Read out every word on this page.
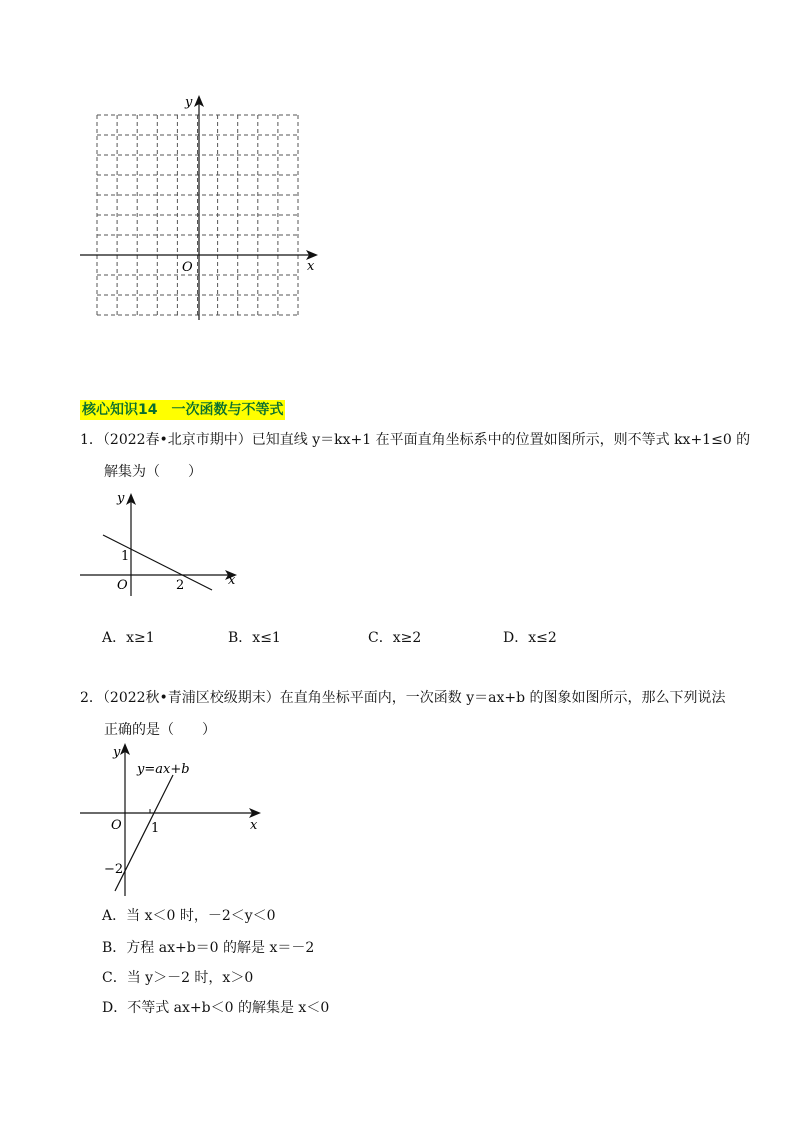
y
x
O
核心知识14　一次函数与不等式
1．（2022春•北京市期中）已知直线 y＝kx+1 在平面直角坐标系中的位置如图所示，则不等式 kx+1≤0 的
解集为（　　）
y
x
O
1
2
A．x≥1	B．x≤1	C．x≥2	D．x≤2
2．（2022秋•青浦区校级期末）在直角坐标平面内，一次函数 y＝ax+b 的图象如图所示，那么下列说法
正确的是（　　）
y
y=ax+b
x
O 1
−2
A．当 x＜0 时，－2＜y＜0
B．方程 ax+b＝0 的解是 x＝－2
C．当 y＞－2 时，x＞0
D．不等式 ax+b＜0 的解集是 x＜0
